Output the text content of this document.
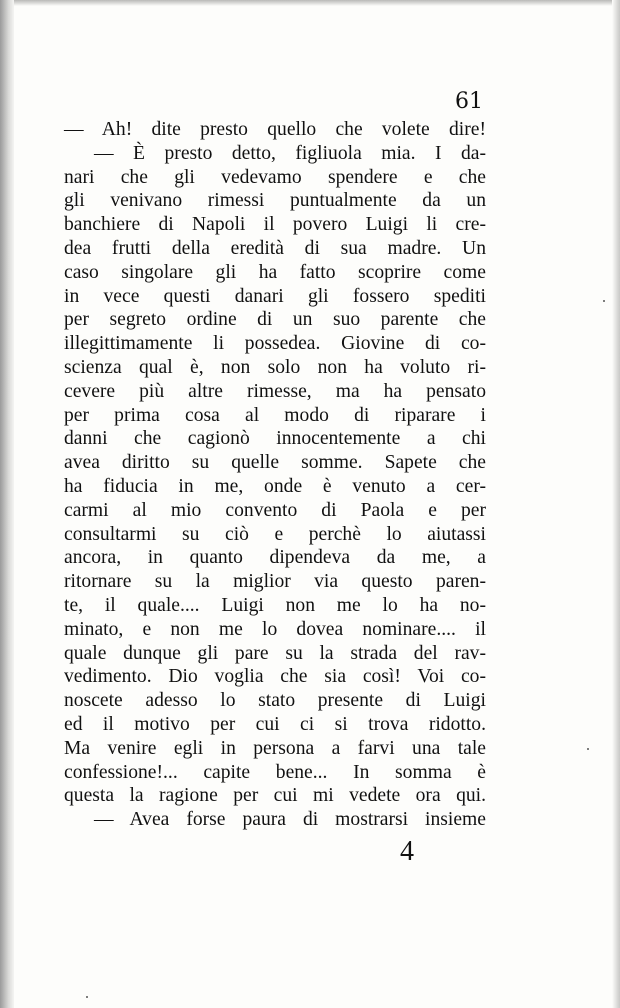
61
— Ah! dite presto quello che volete dire!
— È presto detto, figliuola mia. I da-
nari che gli vedevamo spendere e che
gli venivano rimessi puntualmente da un
banchiere di Napoli il povero Luigi li cre-
dea frutti della eredità di sua madre. Un
caso singolare gli ha fatto scoprire come
in vece questi danari gli fossero spediti
per segreto ordine di un suo parente che
illegittimamente li possedea. Giovine di co-
scienza qual è, non solo non ha voluto ri-
cevere più altre rimesse, ma ha pensato
per prima cosa al modo di riparare i
danni che cagionò innocentemente a chi
avea diritto su quelle somme. Sapete che
ha fiducia in me, onde è venuto a cer-
carmi al mio convento di Paola e per
consultarmi su ciò e perchè lo aiutassi
ancora, in quanto dipendeva da me, a
ritornare su la miglior via questo paren-
te, il quale.... Luigi non me lo ha no-
minato, e non me lo dovea nominare.... il
quale dunque gli pare su la strada del rav-
vedimento. Dio voglia che sia così! Voi co-
noscete adesso lo stato presente di Luigi
ed il motivo per cui ci si trova ridotto.
Ma venire egli in persona a farvi una tale
confessione!... capite bene... In somma è
questa la ragione per cui mi vedete ora qui.
— Avea forse paura di mostrarsi insieme
4
